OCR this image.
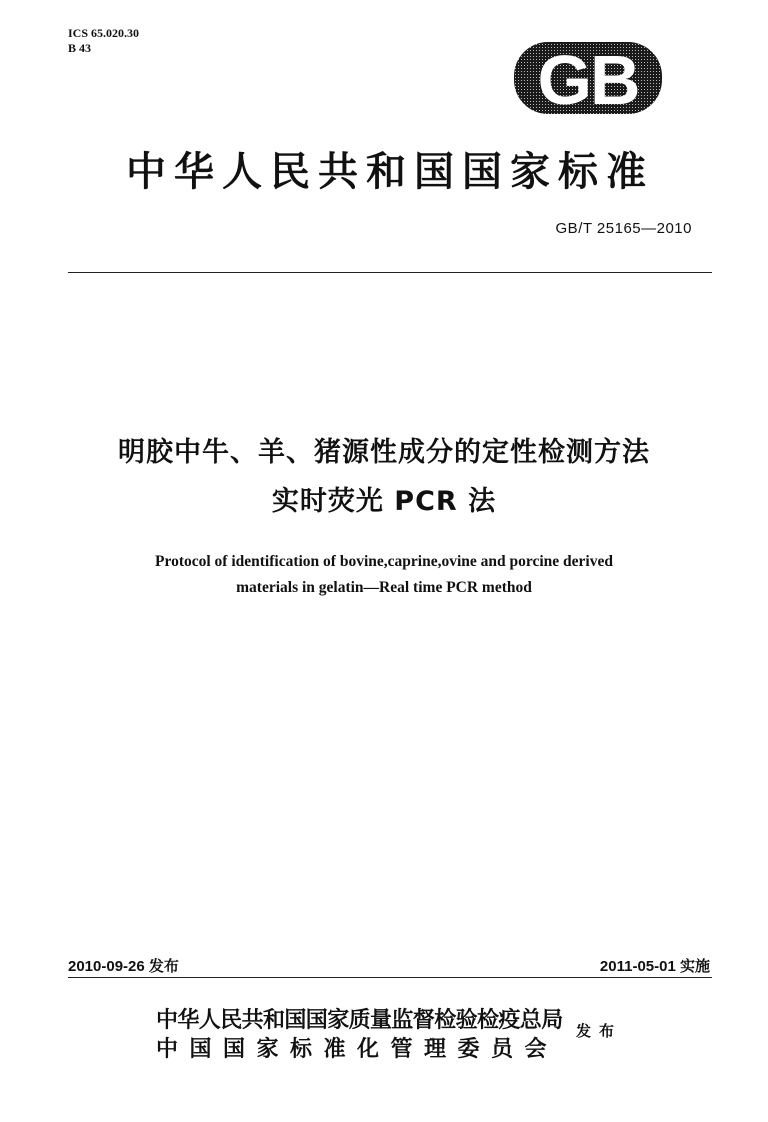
ICS 65.020.30
B 43	GB
中华人民共和国国家标准
GB/T 25165—2010
明胶中牛、羊、猪源性成分的定性检测方法
实时荧光 PCR 法
Protocol of identification of bovine,caprine,ovine and porcine derived
materials in gelatin—Real time PCR method
2010-09-26 发布	2011-05-01 实施
中华人民共和国国家质量监督检验检疫总局
中国国家标准化管理委员会
发布
